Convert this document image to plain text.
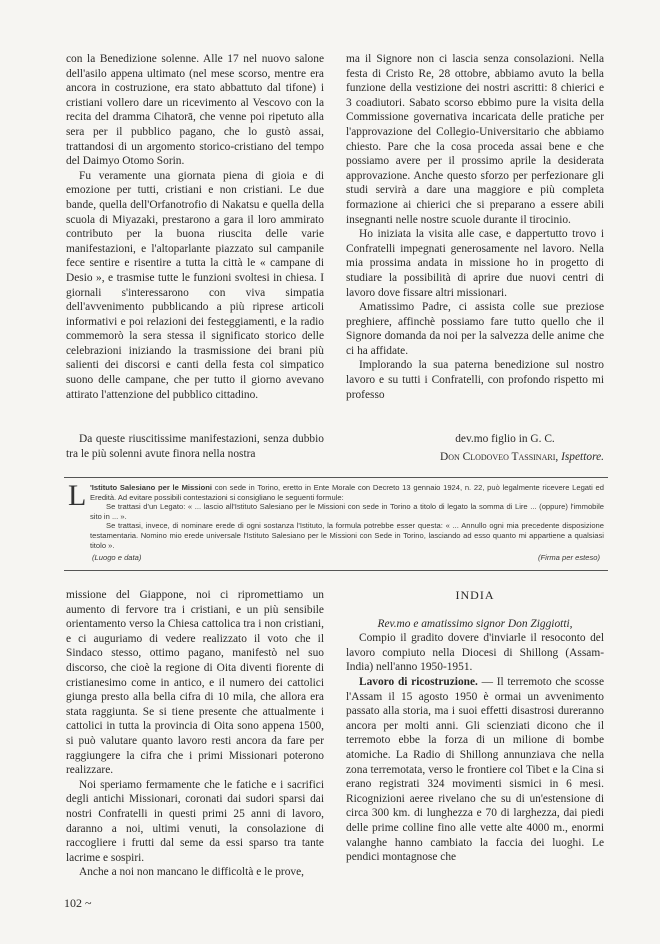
con la Benedizione solenne. Alle 17 nel nuovo salone dell'asilo appena ultimato (nel mese scorso, mentre era ancora in costruzione, era stato abbattuto dal tifone) i cristiani vollero dare un ricevimento al Vescovo con la recita del dramma Cihatorā, che venne poi ripetuto alla sera per il pubblico pagano, che lo gustò assai, trattandosi di un argomento storico-cristiano del tempo del Daimyo Otomo Sorin.

Fu veramente una giornata piena di gioia e di emozione per tutti, cristiani e non cristiani. Le due bande, quella dell'Orfanotrofio di Nakatsu e quella della scuola di Miyazaki, prestarono a gara il loro ammirato contributo per la buona riuscita delle varie manifestazioni, e l'altoparlante piazzato sul campanile fece sentire e risentire a tutta la città le « campane di Desio », e trasmise tutte le funzioni svoltesi in chiesa. I giornali s'interessarono con viva simpatia dell'avvenimento pubblicando a più riprese articoli informativi e poi relazioni dei festeggiamenti, e la radio commemorò la sera stessa il significato storico delle celebrazioni iniziando la trasmissione dei brani più salienti dei discorsi e canti della festa col simpatico suono delle campane, che per tutto il giorno avevano attirato l'attenzione del pubblico cittadino.

Da queste riuscitissime manifestazioni, senza dubbio tra le più solenni avute finora nella nostra

ma il Signore non ci lascia senza consolazioni. Nella festa di Cristo Re, 28 ottobre, abbiamo avuto la bella funzione della vestizione dei nostri ascritti: 8 chierici e 3 coadiutori. Sabato scorso ebbimo pure la visita della Commissione governativa incaricata delle pratiche per l'approvazione del Collegio-Universitario che abbiamo chiesto. Pare che la cosa proceda assai bene e che possiamo avere per il prossimo aprile la desiderata approvazione. Anche questo sforzo per perfezionare gli studi servirà a dare una maggiore e più completa formazione ai chierici che si preparano a essere abili insegnanti nelle nostre scuole durante il tirocinio.

Ho iniziata la visita alle case, e dappertutto trovo i Confratelli impegnati generosamente nel lavoro. Nella mia prossima andata in missione ho in progetto di studiare la possibilità di aprire due nuovi centri di lavoro dove fissare altri missionari.

Amatissimo Padre, ci assista colle sue preziose preghiere, affinchè possiamo fare tutto quello che il Signore domanda da noi per la salvezza delle anime che ci ha affidate.

Implorando la sua paterna benedizione sul nostro lavoro e su tutti i Confratelli, con profondo rispetto mi professo

dev.mo figlio in G. C.
Don Clodoveo Tassinari, Ispettore.
L 'Istituto Salesiano per le Missioni con sede in Torino, eretto in Ente Morale con Decreto 13 gennaio 1924, n. 22, può legalmente ricevere Legati ed Eredità. Ad evitare possibili contestazioni si consigliano le seguenti formule:

Se trattasi d'un Legato: « ... lascio all'Istituto Salesiano per le Missioni con sede in Torino a titolo di legato la somma di Lire ... (oppure) l'immobile sito in ... ».

Se trattasi, invece, di nominare erede di ogni sostanza l'Istituto, la formula potrebbe esser questa: « ... Annullo ogni mia precedente disposizione testamentaria. Nomino mio erede universale l'Istituto Salesiano per le Missioni con Sede in Torino, lasciando ad esso quanto mi appartiene a qualsiasi titolo ».

(Luogo e data)	(Firma per esteso)

missione del Giappone, noi ci ripromettiamo un aumento di fervore tra i cristiani, e un più sensibile orientamento verso la Chiesa cattolica tra i non cristiani, e ci auguriamo di vedere realizzato il voto che il Sindaco stesso, ottimo pagano, manifestò nel suo discorso, che cioè la regione di Oita diventi fiorente di cristianesimo come in antico, e il numero dei cattolici giunga presto alla bella cifra di 10 mila, che allora era stata raggiunta. Se si tiene presente che attualmente i cattolici in tutta la provincia di Oita sono appena 1500, si può valutare quanto lavoro resti ancora da fare per raggiungere la cifra che i primi Missionari poterono realizzare.

Noi speriamo fermamente che le fatiche e i sacrifici degli antichi Missionari, coronati dai sudori sparsi dai nostri Confratelli in questi primi 25 anni di lavoro, daranno a noi, ultimi venuti, la consolazione di raccogliere i frutti dal seme da essi sparso tra tante lacrime e sospiri.

Anche a noi non mancano le difficoltà e le prove,

INDIA

Rev.mo e amatissimo signor Don Ziggiotti,

Compio il gradito dovere d'inviarle il resoconto del lavoro compiuto nella Diocesi di Shillong (Assam-India) nell'anno 1950-1951.

Lavoro di ricostruzione. — Il terremoto che scosse l'Assam il 15 agosto 1950 è ormai un avvenimento passato alla storia, ma i suoi effetti disastrosi dureranno ancora per molti anni. Gli scienziati dicono che il terremoto ebbe la forza di un milione di bombe atomiche. La Radio di Shillong annunziava che nella zona terremotata, verso le frontiere col Tibet e la Cina si erano registrati 324 movimenti sismici in 6 mesi. Ricognizioni aeree rivelano che su di un'estensione di circa 300 km. di lunghezza e 70 di larghezza, dai piedi delle prime colline fino alle vette alte 4000 m., enormi valanghe hanno cambiato la faccia dei luoghi. Le pendici montagnose che

102 ~
